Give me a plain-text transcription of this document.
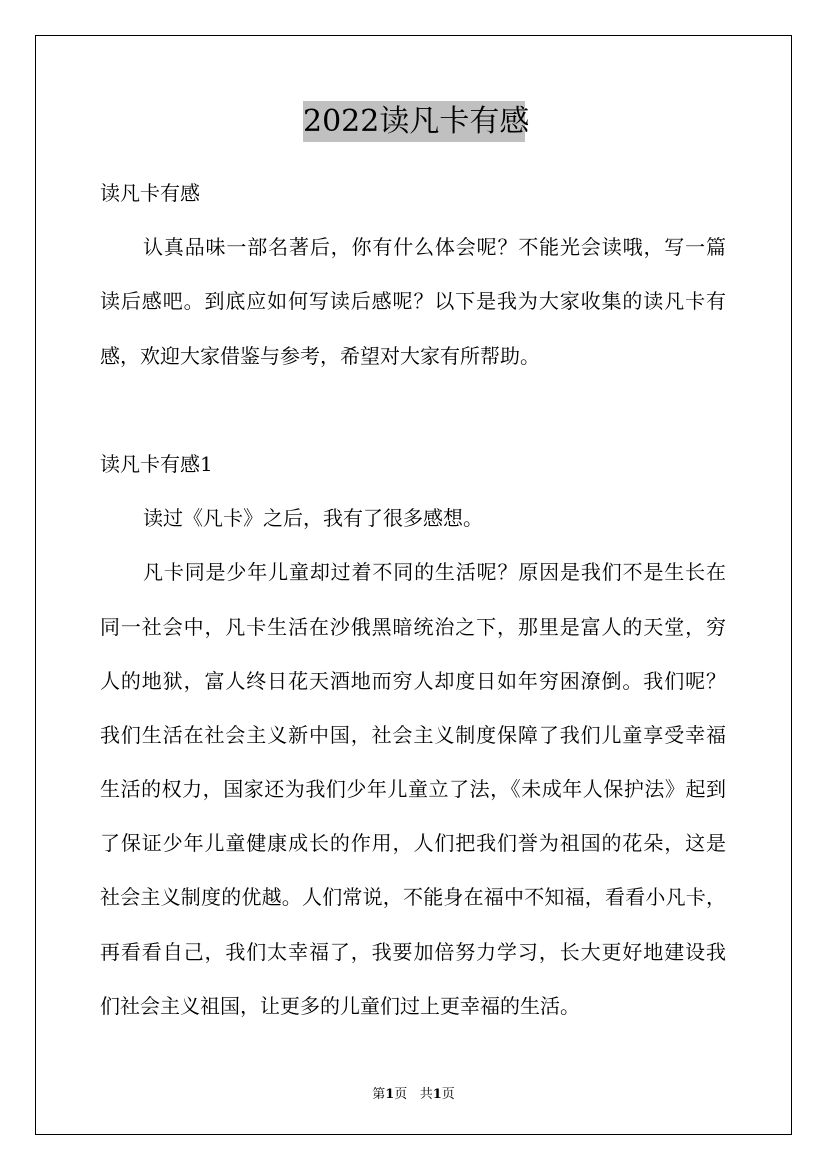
2022读凡卡有感
读凡卡有感
认真品味一部名著后，你有什么体会呢？不能光会读哦，写一篇
读后感吧。到底应如何写读后感呢？以下是我为大家收集的读凡卡有
感，欢迎大家借鉴与参考，希望对大家有所帮助。
读凡卡有感1
读过《凡卡》之后，我有了很多感想。
凡卡同是少年儿童却过着不同的生活呢？原因是我们不是生长在
同一社会中，凡卡生活在沙俄黑暗统治之下，那里是富人的天堂，穷
人的地狱，富人终日花天酒地而穷人却度日如年穷困潦倒。我们呢？
我们生活在社会主义新中国，社会主义制度保障了我们儿童享受幸福
生活的权力，国家还为我们少年儿童立了法，《未成年人保护法》起到
了保证少年儿童健康成长的作用，人们把我们誉为祖国的花朵，这是
社会主义制度的优越。人们常说，不能身在福中不知福，看看小凡卡，
再看看自己，我们太幸福了，我要加倍努力学习，长大更好地建设我
们社会主义祖国，让更多的儿童们过上更幸福的生活。
第1页 共1页
